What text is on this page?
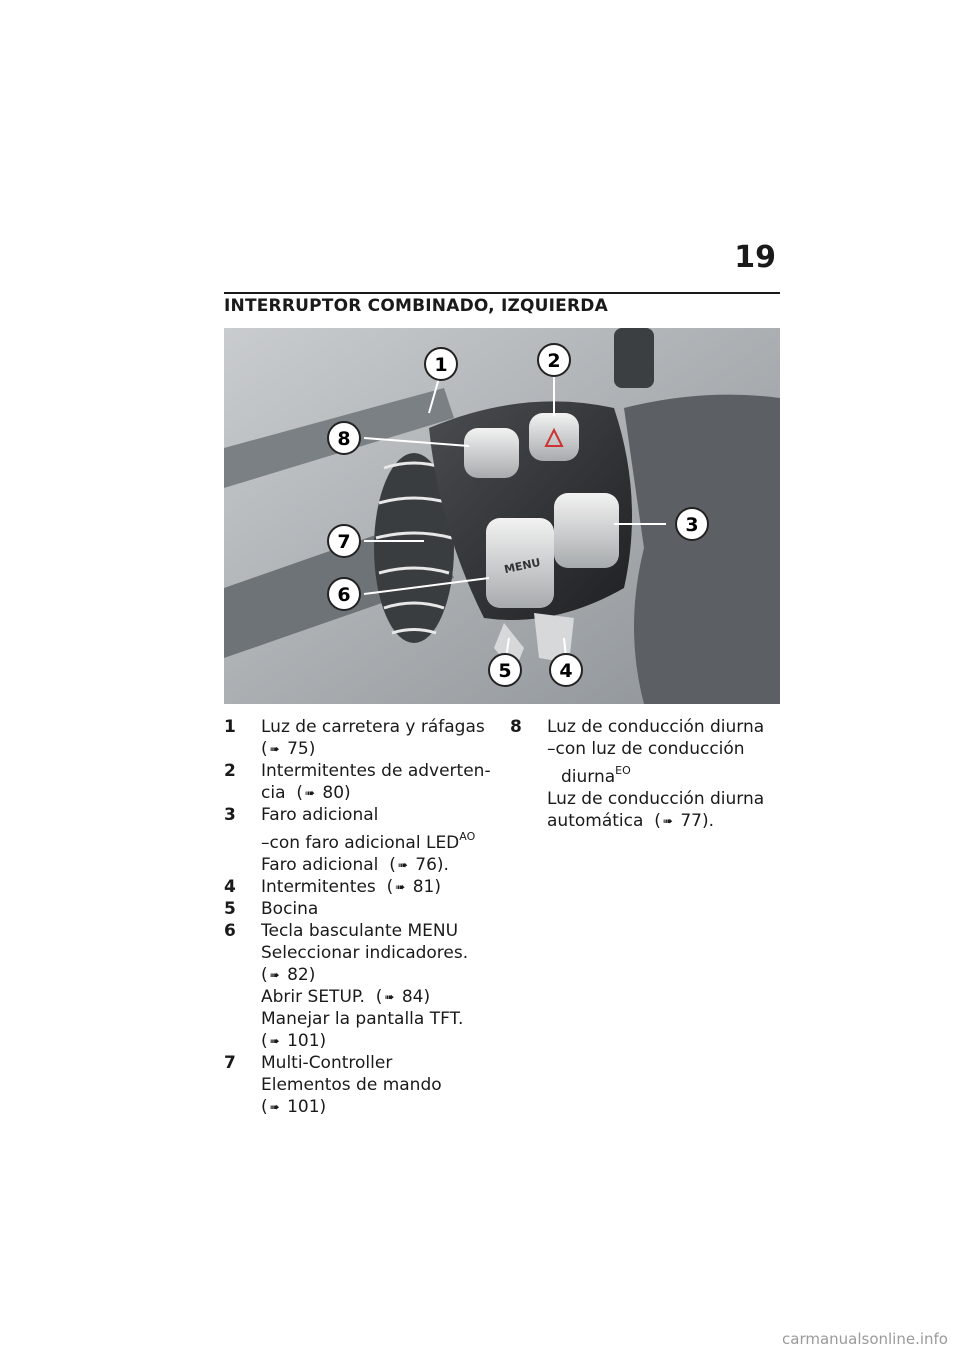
19
INTERRUPTOR COMBINADO, IZQUIERDA
MENU
1	2
3
4
5
6
7
8
1	Luz de carretera y ráfagas
( ➠ 75)
2	Intermitentes de adverten-
cia ( ➠ 80)
3	Faro adicional
–con faro adicional $LED^{AO}$
Faro adicional ( ➠ 76).
4	Intermitentes ( ➠ 81)
5	Bocina
6	Tecla basculante MENU
Seleccionar indicadores.
( ➠ 82)
Abrir SETUP. ( ➠ 84)
Manejar la pantalla TFT.
( ➠ 101)
7	Multi-Controller
Elementos de mando
( ➠ 101)
8	Luz de conducción diurna
–con luz de conducción
diurna$^{EO}$
Luz de conducción diurna
automática ( ➠ 77).
carmanualsonline.info
